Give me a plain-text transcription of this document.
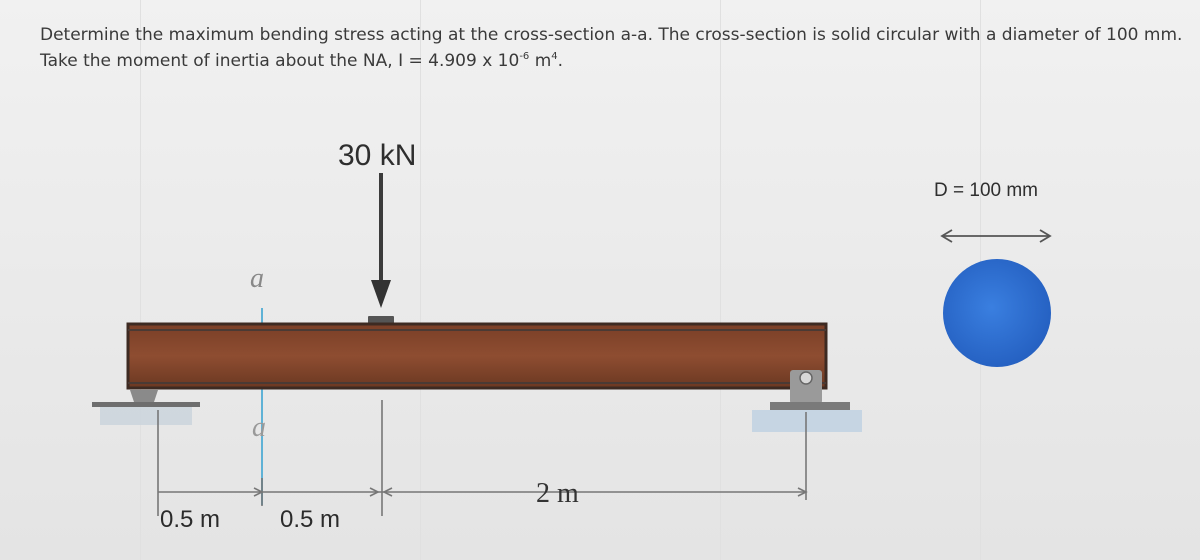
Determine the maximum bending stress acting at the cross-section a-a. The cross-section is solid circular with a diameter of 100 mm.
Take the moment of inertia about the NA, I = 4.909 x $10^{-6}$ $m^4$.
30 kN
a
a
0.5 m 0.5 m
2 m
D = 100 mm
